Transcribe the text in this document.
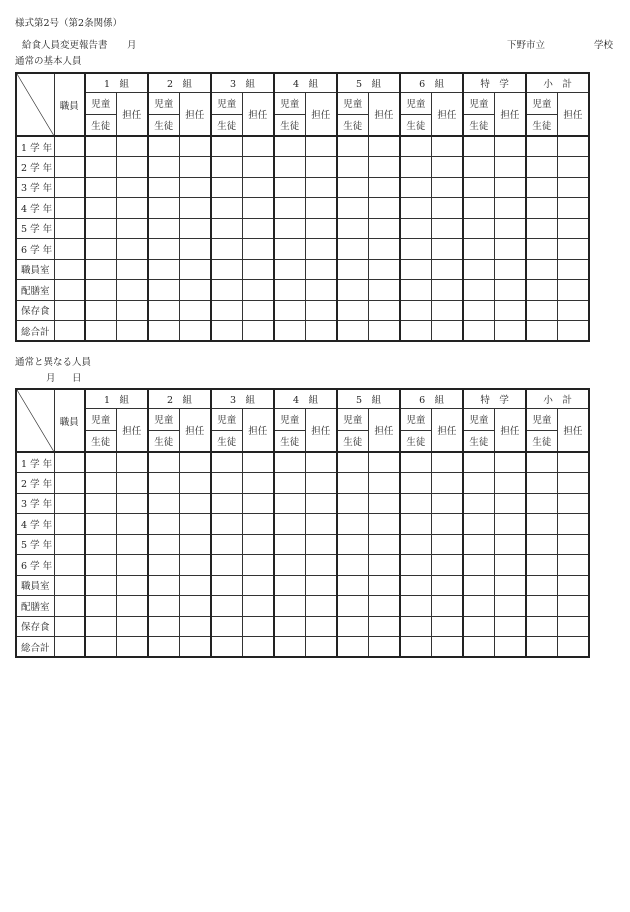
様式第2号（第2条関係）
給食人員変更報告書 月	下野市立	学校
通常の基本人員
通常と異なる人員
月 日
	職員	1　組		2　組		3　組		4　組		5　組		6　組		特　学		小　計	
		児童	担任	児童	担任	児童	担任	児童	担任	児童	担任	児童	担任	児童	担任	児童	担任	
		生徒		生徒		生徒		生徒		生徒		生徒		生徒		生徒		
1 学 年																		
2 学 年																		
3 学 年																		
4 学 年																		
5 学 年																		
6 学 年																		
職員室																		
配膳室																		
保存食																		
総合計																		
	職員	1　組		2　組		3　組		4　組		5　組		6　組		特　学		小　計	
		児童	担任	児童	担任	児童	担任	児童	担任	児童	担任	児童	担任	児童	担任	児童	担任	
		生徒		生徒		生徒		生徒		生徒		生徒		生徒		生徒		
1 学 年																		
2 学 年																		
3 学 年																		
4 学 年																		
5 学 年																		
6 学 年																		
職員室																		
配膳室																		
保存食																		
総合計																		
